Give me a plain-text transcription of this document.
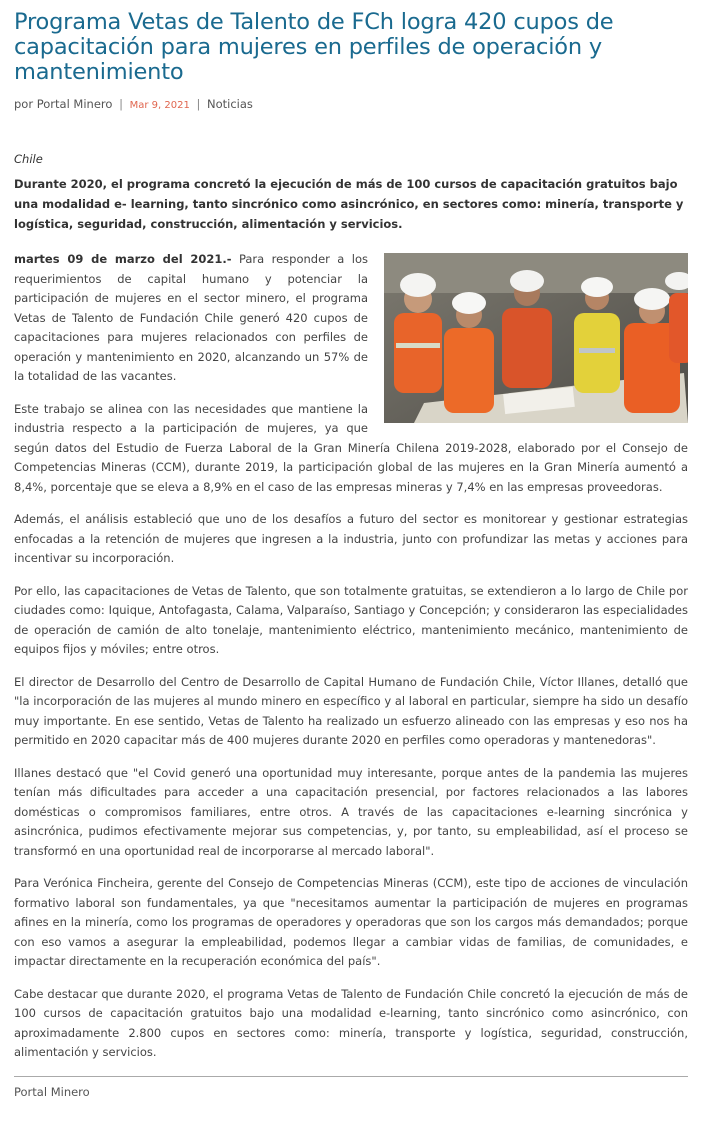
Programa Vetas de Talento de FCh logra 420 cupos de capacitación para mujeres en perfiles de operación y mantenimiento
por Portal Minero | Mar 9, 2021 | Noticias
Chile
Durante 2020, el programa concretó la ejecución de más de 100 cursos de capacitación gratuitos bajo una modalidad e- learning, tanto sincrónico como asincrónico, en sectores como: minería, transporte y logística, seguridad, construcción, alimentación y servicios.

martes 09 de marzo del 2021.- Para responder a los requerimientos de capital humano y potenciar la participación de mujeres en el sector minero, el programa Vetas de Talento de Fundación Chile generó 420 cupos de capacitaciones para mujeres relacionados con perfiles de operación y mantenimiento en 2020, alcanzando un 57% de la totalidad de las vacantes.

Este trabajo se alinea con las necesidades que mantiene la industria respecto a la participación de mujeres, ya que según datos del Estudio de Fuerza Laboral de la Gran Minería Chilena 2019-2028, elaborado por el Consejo de Competencias Mineras (CCM), durante 2019, la participación global de las mujeres en la Gran Minería aumentó a 8,4%, porcentaje que se eleva a 8,9% en el caso de las empresas mineras y 7,4% en las empresas proveedoras.

Además, el análisis estableció que uno de los desafíos a futuro del sector es monitorear y gestionar estrategias enfocadas a la retención de mujeres que ingresen a la industria, junto con profundizar las metas y acciones para incentivar su incorporación.

Por ello, las capacitaciones de Vetas de Talento, que son totalmente gratuitas, se extendieron a lo largo de Chile por ciudades como: Iquique, Antofagasta, Calama, Valparaíso, Santiago y Concepción; y consideraron las especialidades de operación de camión de alto tonelaje, mantenimiento eléctrico, mantenimiento mecánico, mantenimiento de equipos fijos y móviles; entre otros.

El director de Desarrollo del Centro de Desarrollo de Capital Humano de Fundación Chile, Víctor Illanes, detalló que "la incorporación de las mujeres al mundo minero en específico y al laboral en particular, siempre ha sido un desafío muy importante. En ese sentido, Vetas de Talento ha realizado un esfuerzo alineado con las empresas y eso nos ha permitido en 2020 capacitar más de 400 mujeres durante 2020 en perfiles como operadoras y mantenedoras".

Illanes destacó que "el Covid generó una oportunidad muy interesante, porque antes de la pandemia las mujeres tenían más dificultades para acceder a una capacitación presencial, por factores relacionados a las labores domésticas o compromisos familiares, entre otros. A través de las capacitaciones e-learning sincrónica y asincrónica, pudimos efectivamente mejorar sus competencias, y, por tanto, su empleabilidad, así el proceso se transformó en una oportunidad real de incorporarse al mercado laboral".

Para Verónica Fincheira, gerente del Consejo de Competencias Mineras (CCM), este tipo de acciones de vinculación formativo laboral son fundamentales, ya que "necesitamos aumentar la participación de mujeres en programas afines en la minería, como los programas de operadores y operadoras que son los cargos más demandados; porque con eso vamos a asegurar la empleabilidad, podemos llegar a cambiar vidas de familias, de comunidades, e impactar directamente en la recuperación económica del país".

Cabe destacar que durante 2020, el programa Vetas de Talento de Fundación Chile concretó la ejecución de más de 100 cursos de capacitación gratuitos bajo una modalidad e-learning, tanto sincrónico como asincrónico, con aproximadamente 2.800 cupos en sectores como: minería, transporte y logística, seguridad, construcción, alimentación y servicios.

Portal Minero
